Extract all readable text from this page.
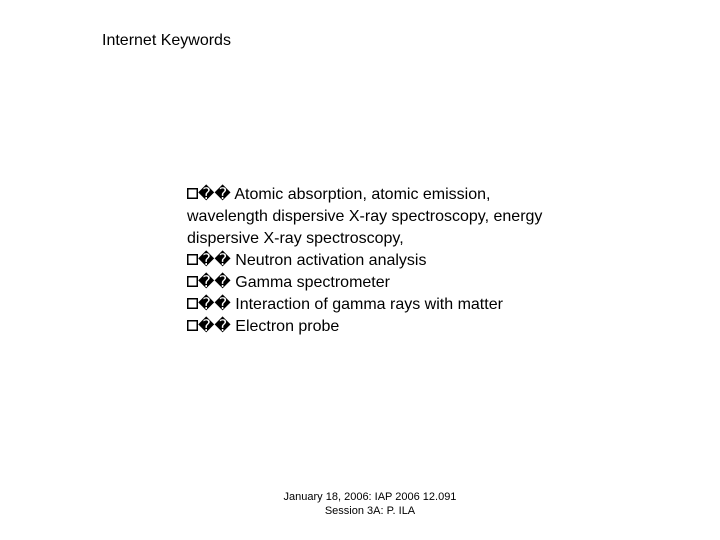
Internet Keywords

�� Atomic absorption, atomic emission, wavelength dispersive X-ray spectroscopy, energy dispersive X-ray spectroscopy,

�� Neutron activation analysis

�� Gamma spectrometer

�� Interaction of gamma rays with matter

�� Electron probe

January 18, 2006: IAP 2006 12.091
Session 3A: P. ILA
